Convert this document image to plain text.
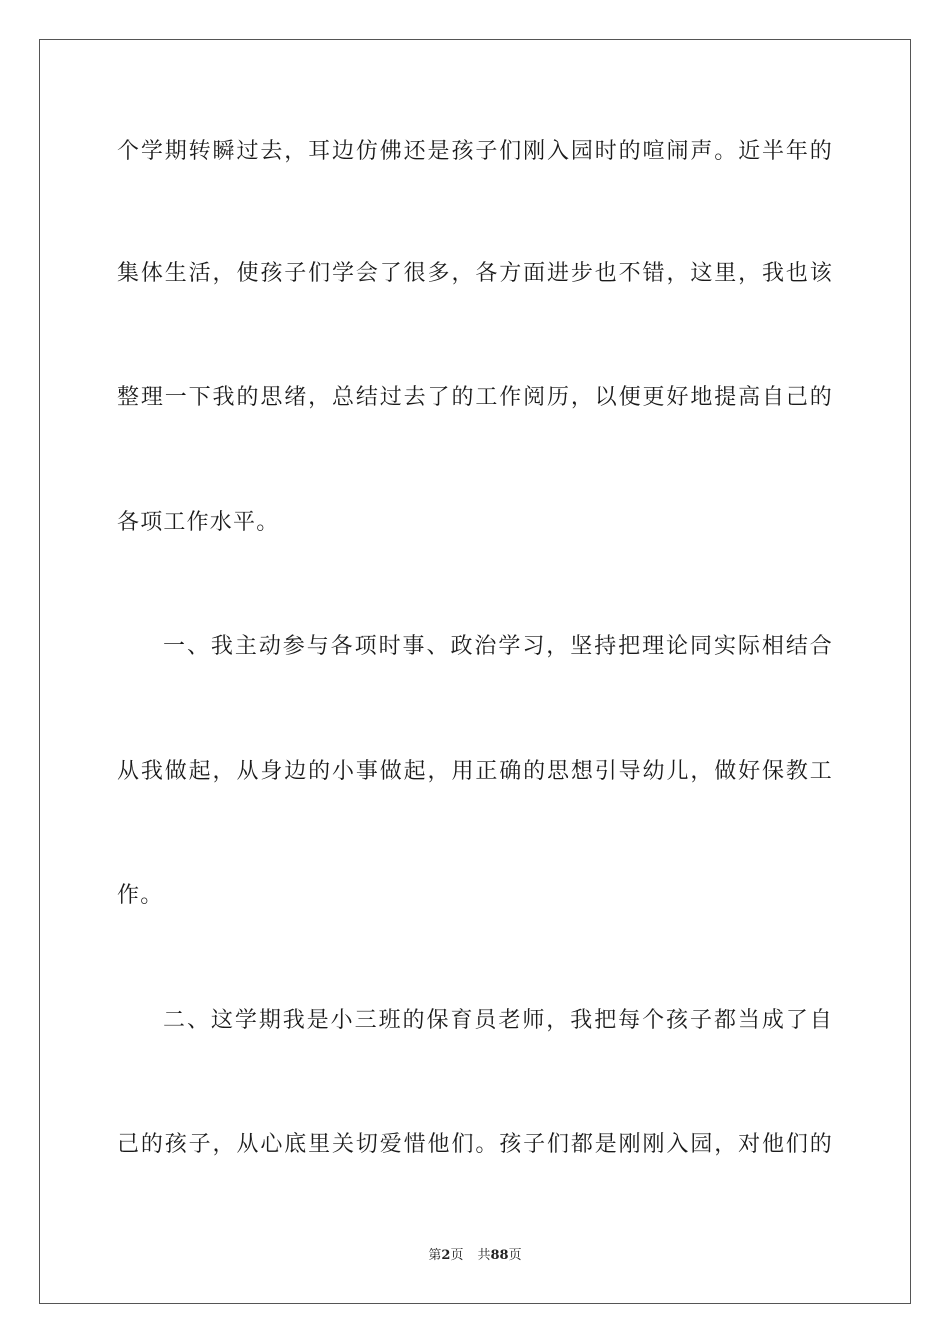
个学期转瞬过去，耳边仿佛还是孩子们刚入园时的喧闹声。近半年的
集体生活，使孩子们学会了很多，各方面进步也不错，这里，我也该
整理一下我的思绪，总结过去了的工作阅历，以便更好地提高自己的
各项工作水平。
一、我主动参与各项时事、政治学习，坚持把理论同实际相结合
从我做起，从身边的小事做起，用正确的思想引导幼儿，做好保教工
作。
二、这学期我是小三班的保育员老师，我把每个孩子都当成了自
己的孩子，从心底里关切爱惜他们。孩子们都是刚刚入园，对他们的
第2页 共88页
